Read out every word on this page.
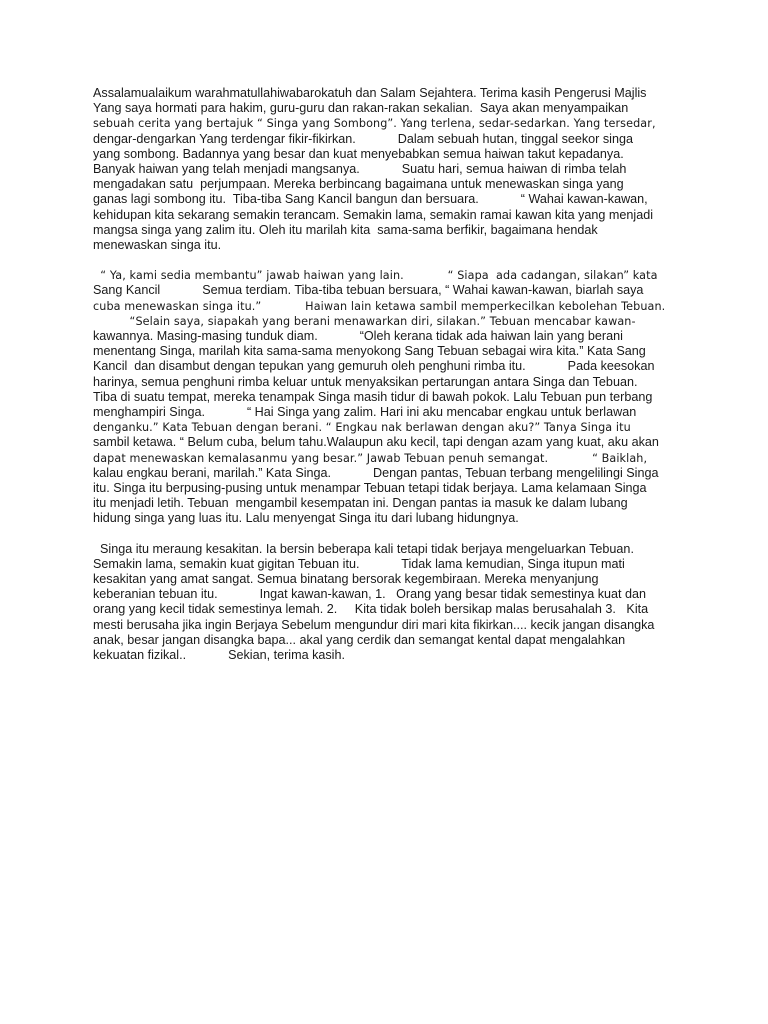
Assalamualaikum warahmatullahiwabarokatuh dan Salam Sejahtera. Terima kasih Pengerusi Majlis
Yang saya hormati para hakim, guru-guru dan rakan-rakan sekalian.  Saya akan menyampaikan
sebuah cerita yang bertajuk “ Singa yang Sombong”. Yang terlena, sedar-sedarkan. Yang tersedar,
dengar-dengarkan Yang terdengar fikir-fikirkan.            Dalam sebuah hutan, tinggal seekor singa
yang sombong. Badannya yang besar dan kuat menyebabkan semua haiwan takut kepadanya.
Banyak haiwan yang telah menjadi mangsanya.            Suatu hari, semua haiwan di rimba telah
mengadakan satu  perjumpaan. Mereka berbincang bagaimana untuk menewaskan singa yang
ganas lagi sombong itu.  Tiba-tiba Sang Kancil bangun dan bersuara.            “ Wahai kawan-kawan,
kehidupan kita sekarang semakin terancam. Semakin lama, semakin ramai kawan kita yang menjadi
mangsa singa yang zalim itu. Oleh itu marilah kita  sama-sama berfikir, bagaimana hendak
menewaskan singa itu.
“ Ya, kami sedia membantu” jawab haiwan yang lain.            “ Siapa  ada cadangan, silakan” kata
Sang Kancil            Semua terdiam. Tiba-tiba tebuan bersuara, “ Wahai kawan-kawan, biarlah saya
cuba menewaskan singa itu.”            Haiwan lain ketawa sambil memperkecilkan kebolehan Tebuan.
“Selain saya, siapakah yang berani menawarkan diri, silakan.” Tebuan mencabar kawan-
kawannya. Masing-masing tunduk diam.            “Oleh kerana tidak ada haiwan lain yang berani
menentang Singa, marilah kita sama-sama menyokong Sang Tebuan sebagai wira kita.” Kata Sang
Kancil  dan disambut dengan tepukan yang gemuruh oleh penghuni rimba itu.            Pada keesokan
harinya, semua penghuni rimba keluar untuk menyaksikan pertarungan antara Singa dan Tebuan.
Tiba di suatu tempat, mereka tenampak Singa masih tidur di bawah pokok. Lalu Tebuan pun terbang
menghampiri Singa.            “ Hai Singa yang zalim. Hari ini aku mencabar engkau untuk berlawan
denganku.” Kata Tebuan dengan berani. “ Engkau nak berlawan dengan aku?” Tanya Singa itu
sambil ketawa. “ Belum cuba, belum tahu.Walaupun aku kecil, tapi dengan azam yang kuat, aku akan
dapat menewaskan kemalasanmu yang besar.” Jawab Tebuan penuh semangat.            “ Baiklah,
kalau engkau berani, marilah.” Kata Singa.            Dengan pantas, Tebuan terbang mengelilingi Singa
itu. Singa itu berpusing-pusing untuk menampar Tebuan tetapi tidak berjaya. Lama kelamaan Singa
itu menjadi letih. Tebuan  mengambil kesempatan ini. Dengan pantas ia masuk ke dalam lubang
hidung singa yang luas itu. Lalu menyengat Singa itu dari lubang hidungnya.
Singa itu meraung kesakitan. Ia bersin beberapa kali tetapi tidak berjaya mengeluarkan Tebuan.
Semakin lama, semakin kuat gigitan Tebuan itu.            Tidak lama kemudian, Singa itupun mati
kesakitan yang amat sangat. Semua binatang bersorak kegembiraan. Mereka menyanjung
keberanian tebuan itu.            Ingat kawan-kawan, 1.   Orang yang besar tidak semestinya kuat dan
orang yang kecil tidak semestinya lemah. 2.     Kita tidak boleh bersikap malas berusahalah 3.   Kita
mesti berusaha jika ingin Berjaya Sebelum mengundur diri mari kita fikirkan.... kecik jangan disangka
anak, besar jangan disangka bapa... akal yang cerdik dan semangat kental dapat mengalahkan
kekuatan fizikal..            Sekian, terima kasih.
